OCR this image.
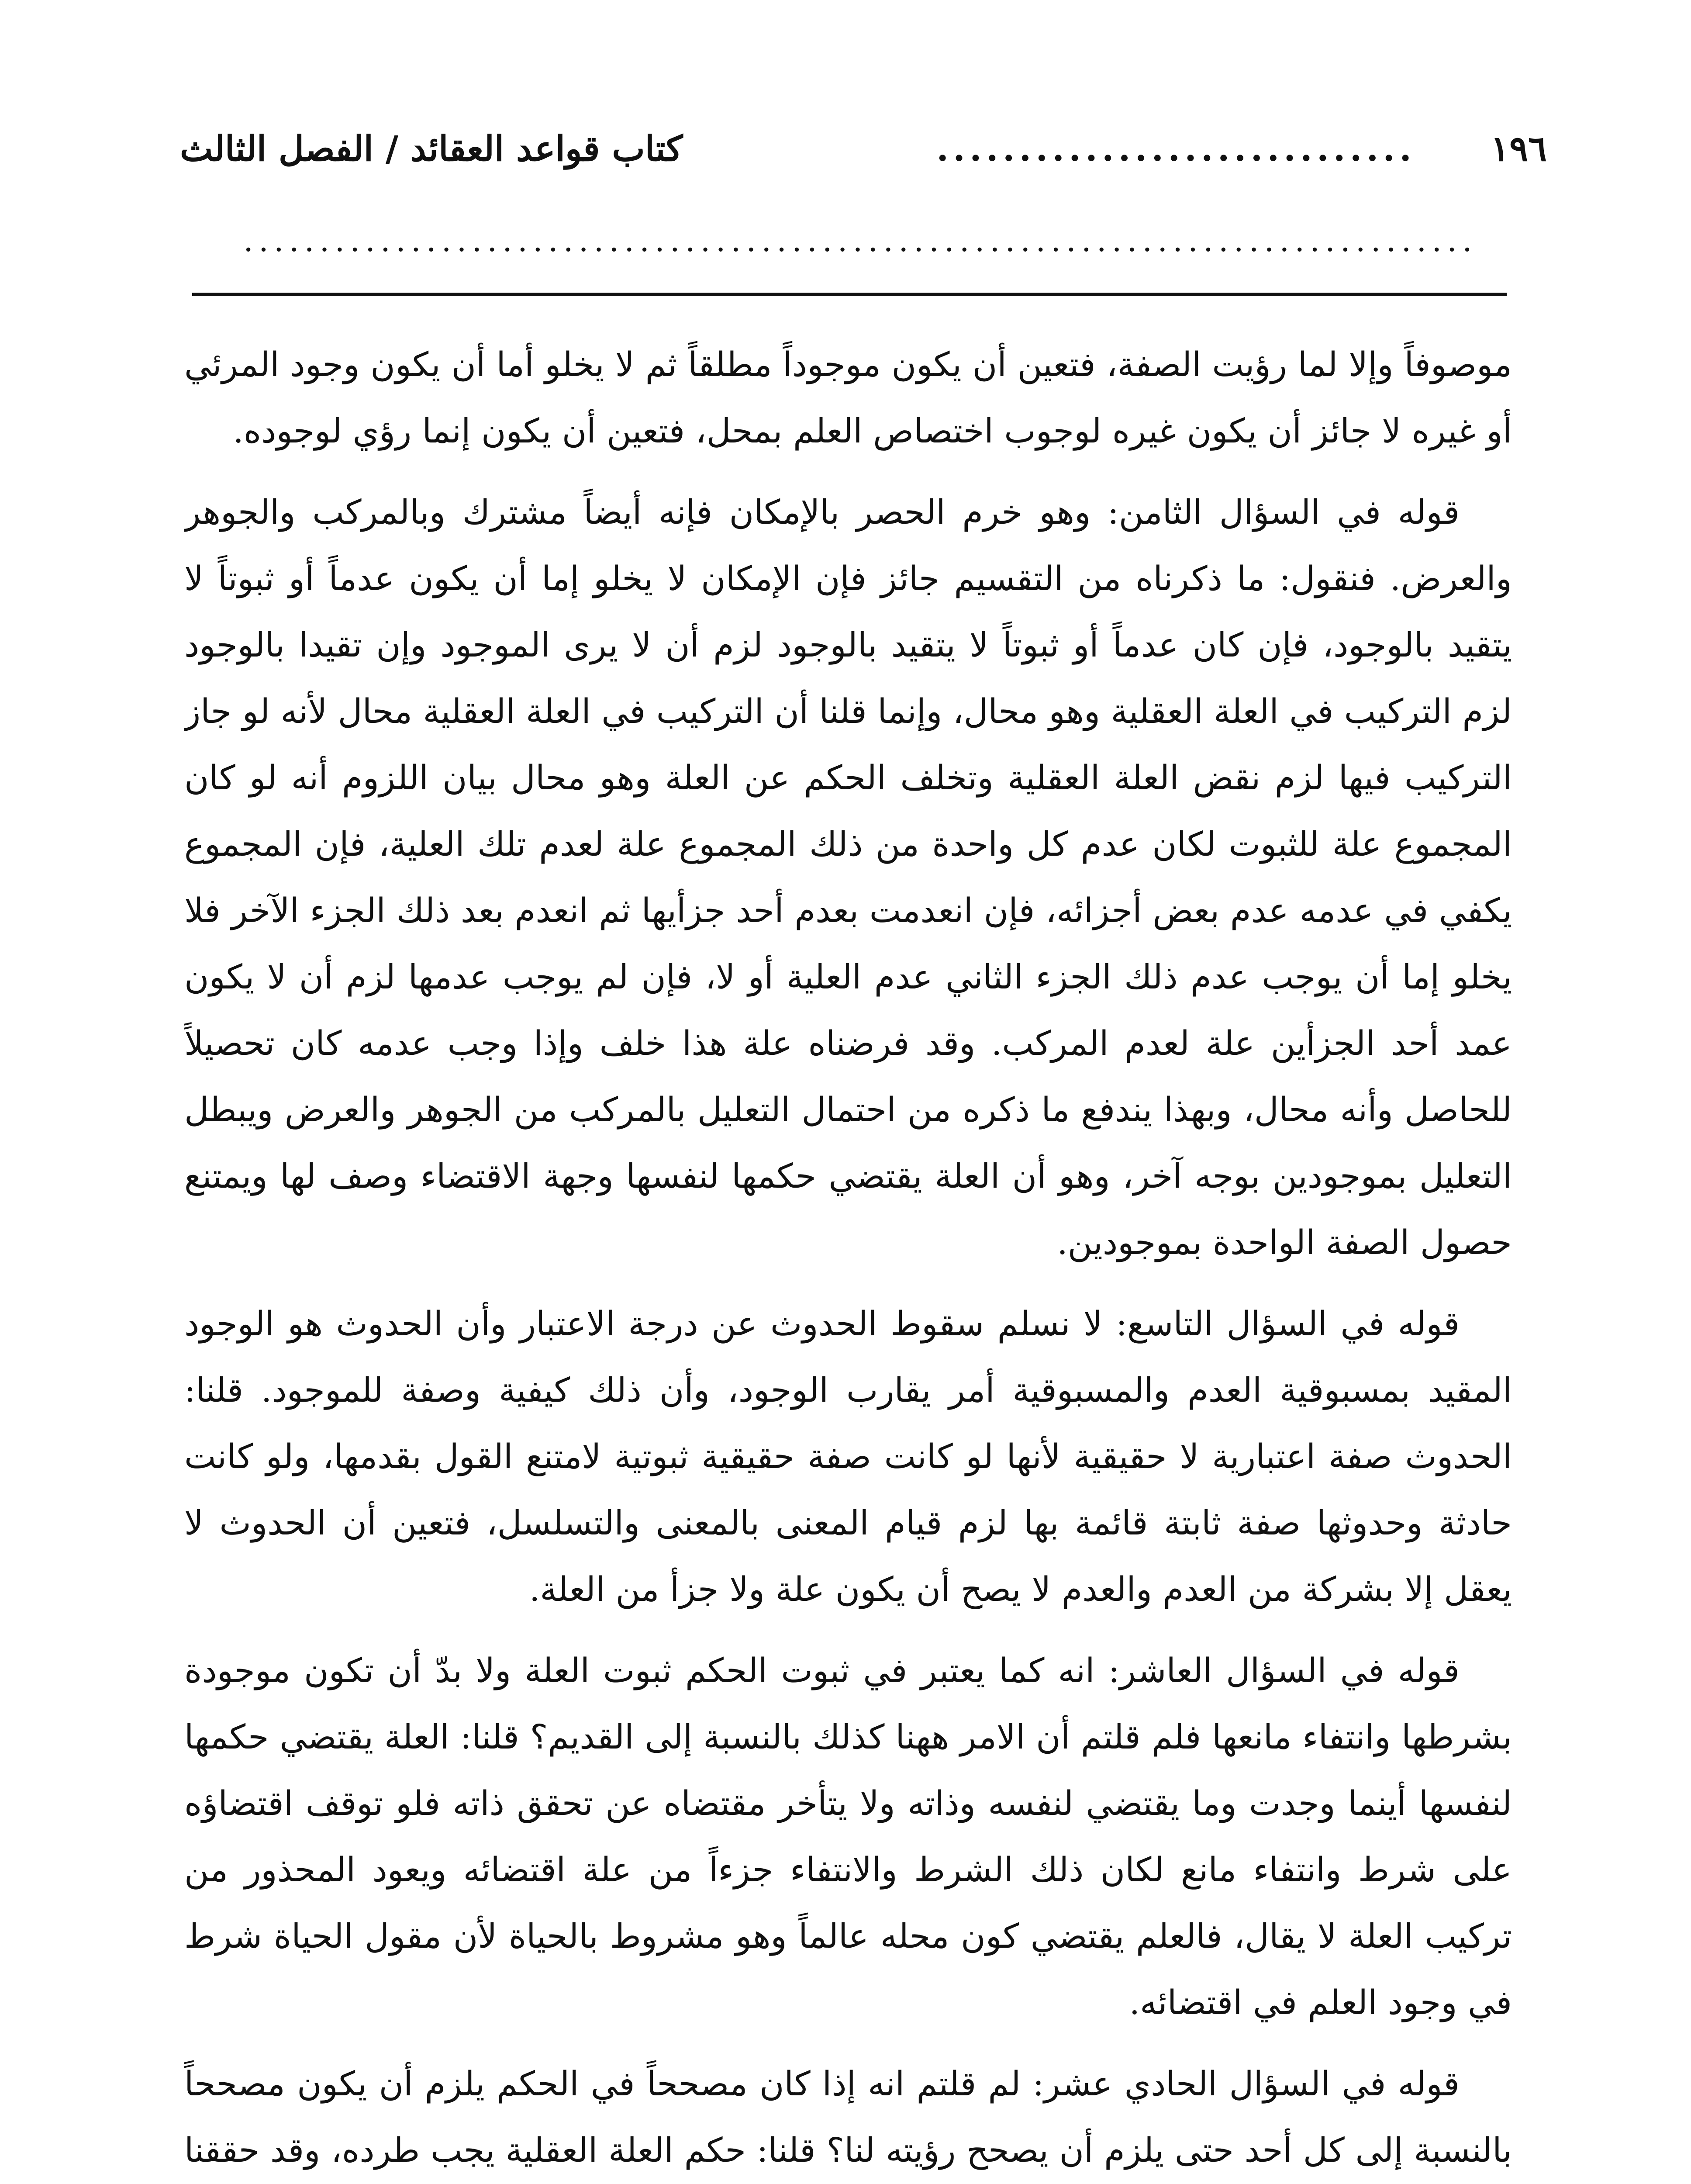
١٩٦
.............................
كتاب قواعد العقائد / الفصل الثالث
.................................................................................

موصوفاً وإلا لما رؤيت الصفة، فتعين أن يكون موجوداً مطلقاً ثم لا يخلو أما أن يكون وجود المرئي أو غيره لا جائز أن يكون غيره لوجوب اختصاص العلم بمحل، فتعين أن يكون إنما رؤي لوجوده.

قوله في السؤال الثامن: وهو خرم الحصر بالإمكان فإنه أيضاً مشترك وبالمركب والجوهر والعرض. فنقول: ما ذكرناه من التقسيم جائز فإن الإمكان لا يخلو إما أن يكون عدماً أو ثبوتاً لا يتقيد بالوجود، فإن كان عدماً أو ثبوتاً لا يتقيد بالوجود لزم أن لا يرى الموجود وإن تقيدا بالوجود لزم التركيب في العلة العقلية وهو محال، وإنما قلنا أن التركيب في العلة العقلية محال لأنه لو جاز التركيب فيها لزم نقض العلة العقلية وتخلف الحكم عن العلة وهو محال بيان اللزوم أنه لو كان المجموع علة للثبوت لكان عدم كل واحدة من ذلك المجموع علة لعدم تلك العلية، فإن المجموع يكفي في عدمه عدم بعض أجزائه، فإن انعدمت بعدم أحد جزأيها ثم انعدم بعد ذلك الجزء الآخر فلا يخلو إما أن يوجب عدم ذلك الجزء الثاني عدم العلية أو لا، فإن لم يوجب عدمها لزم أن لا يكون عمد أحد الجزأين علة لعدم المركب. وقد فرضناه علة هذا خلف وإذا وجب عدمه كان تحصيلاً للحاصل وأنه محال، وبهذا يندفع ما ذكره من احتمال التعليل بالمركب من الجوهر والعرض ويبطل التعليل بموجودين بوجه آخر، وهو أن العلة يقتضي حكمها لنفسها وجهة الاقتضاء وصف لها ويمتنع حصول الصفة الواحدة بموجودين.

قوله في السؤال التاسع: لا نسلم سقوط الحدوث عن درجة الاعتبار وأن الحدوث هو الوجود المقيد بمسبوقية العدم والمسبوقية أمر يقارب الوجود، وأن ذلك كيفية وصفة للموجود. قلنا: الحدوث صفة اعتبارية لا حقيقية لأنها لو كانت صفة حقيقية ثبوتية لامتنع القول بقدمها، ولو كانت حادثة وحدوثها صفة ثابتة قائمة بها لزم قيام المعنى بالمعنى والتسلسل، فتعين أن الحدوث لا يعقل إلا بشركة من العدم والعدم لا يصح أن يكون علة ولا جزأ من العلة.

قوله في السؤال العاشر: انه كما يعتبر في ثبوت الحكم ثبوت العلة ولا بدّ أن تكون موجودة بشرطها وانتفاء مانعها فلم قلتم أن الامر ههنا كذلك بالنسبة إلى القديم؟ قلنا: العلة يقتضي حكمها لنفسها أينما وجدت وما يقتضي لنفسه وذاته ولا يتأخر مقتضاه عن تحقق ذاته فلو توقف اقتضاؤه على شرط وانتفاء مانع لكان ذلك الشرط والانتفاء جزءاً من علة اقتضائه ويعود المحذور من تركيب العلة لا يقال، فالعلم يقتضي كون محله عالماً وهو مشروط بالحياة لأن مقول الحياة شرط في وجود العلم في اقتضائه.

قوله في السؤال الحادي عشر: لم قلتم انه إذا كان مصححاً في الحكم يلزم أن يكون مصححاً بالنسبة إلى كل أحد حتى يلزم أن يصحح رؤيته لنا؟ قلنا: حكم العلة العقلية يجب طرده، وقد حققنا
